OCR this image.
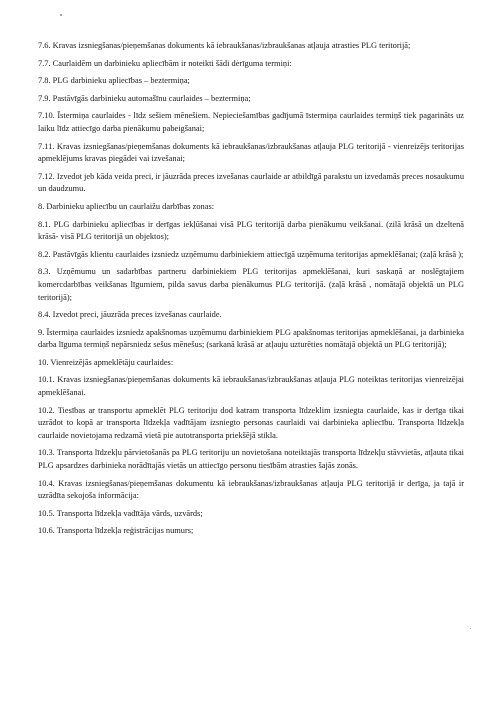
7.6. Kravas izsniegšanas/pieņemšanas dokuments kā iebraukšanas/izbraukšanas atļauja atrasties PLG teritorijā;

7.7. Caurlaidēm un darbinieku apliecībām ir noteikti šādi derīguma termiņi:

7.8. PLG darbinieku apliecības – beztermiņa;

7.9. Pastāvīgās darbinieku automašīnu caurlaides – beztermiņa;

7.10. Īstermiņa caurlaides - līdz sešiem mēnešiem. Nepieciešamības gadījumā īstermiņa caurlaides termiņš tiek pagarināts uz laiku līdz attiecīgo darba pienākumu pabeigšanai;

7.11. Kravas izsniegšanas/pieņemšanas dokuments kā iebraukšanas/izbraukšanas atļauja PLG teritorijā - vienreizējs teritorijas apmeklējums kravas piegādei vai izvešanai;

7.12. Izvedot jeb kāda veida preci, ir jāuzrāda preces izvešanas caurlaide ar atbildīgā parakstu un izvedamās preces nosaukumu un daudzumu.

8. Darbinieku apliecību un caurlaižu darbības zonas:

8.1. PLG darbinieku apliecības ir derīgas iekļūšanai visā PLG teritorijā darba pienākumu veikšanai. (zilā krāsā un dzeltenā krāsā- visā PLG teritorijā un objektos);

8.2. Pastāvīgās klientu caurlaides izsniedz uzņēmumu darbiniekiem attiecīgā uzņēmuma teritorijas apmeklēšanai; (zaļā krāsā );

8.3. Uzņēmumu un sadarbības partneru darbiniekiem PLG teritorijas apmeklēšanai, kuri saskaņā ar noslēgtajiem komercdarbības veikšanas līgumiem, pilda savus darba pienākumus PLG teritorijā. (zaļā krāsā , nomātajā objektā un PLG teritorijā);

8.4. Izvedot preci, jāuzrāda preces izvešanas caurlaide.

9. Īstermiņa caurlaides izsniedz apakšnomas uzņēmumu darbiniekiem PLG apakšnomas teritorijas apmeklēšanai, ja darbinieka darba līguma termiņš nepārsniedz sešus mēnešus; (sarkanā krāsā ar atļauju uzturēties nomātajā objektā un PLG teritorijā);

10. Vienreizējās apmeklētāju caurlaides:

10.1. Kravas izsniegšanas/pieņemšanas dokuments kā iebraukšanas/izbraukšanas atļauja PLG noteiktas teritorijas vienreizējai apmeklēšanai.

10.2. Tiesības ar transportu apmeklēt PLG teritoriju dod katram transporta līdzeklim izsniegta caurlaide, kas ir derīga tikai uzrādot to kopā ar transporta līdzekļa vadītājam izsniegto personas caurlaidi vai darbinieka apliecību. Transporta līdzekļa caurlaide novietojama redzamā vietā pie autotransporta priekšējā stikla.

10.3. Transporta līdzekļu pārvietošanās pa PLG teritoriju un novietošana noteiktajās transporta līdzekļu stāvvietās, atļauta tikai PLG apsardzes darbinieka norādītajās vietās un attiecīgo personu tiesībām atrasties šajās zonās.

10.4. Kravas izsniegšanas/pieņemšanas dokumentu kā iebraukšanas/izbraukšanas atļauja PLG teritorijā ir derīga, ja tajā ir uzrādīta sekojoša informācija:

10.5. Transporta līdzekļa vadītāja vārds, uzvārds;

10.6. Transporta līdzekļa reģistrācijas numurs;
